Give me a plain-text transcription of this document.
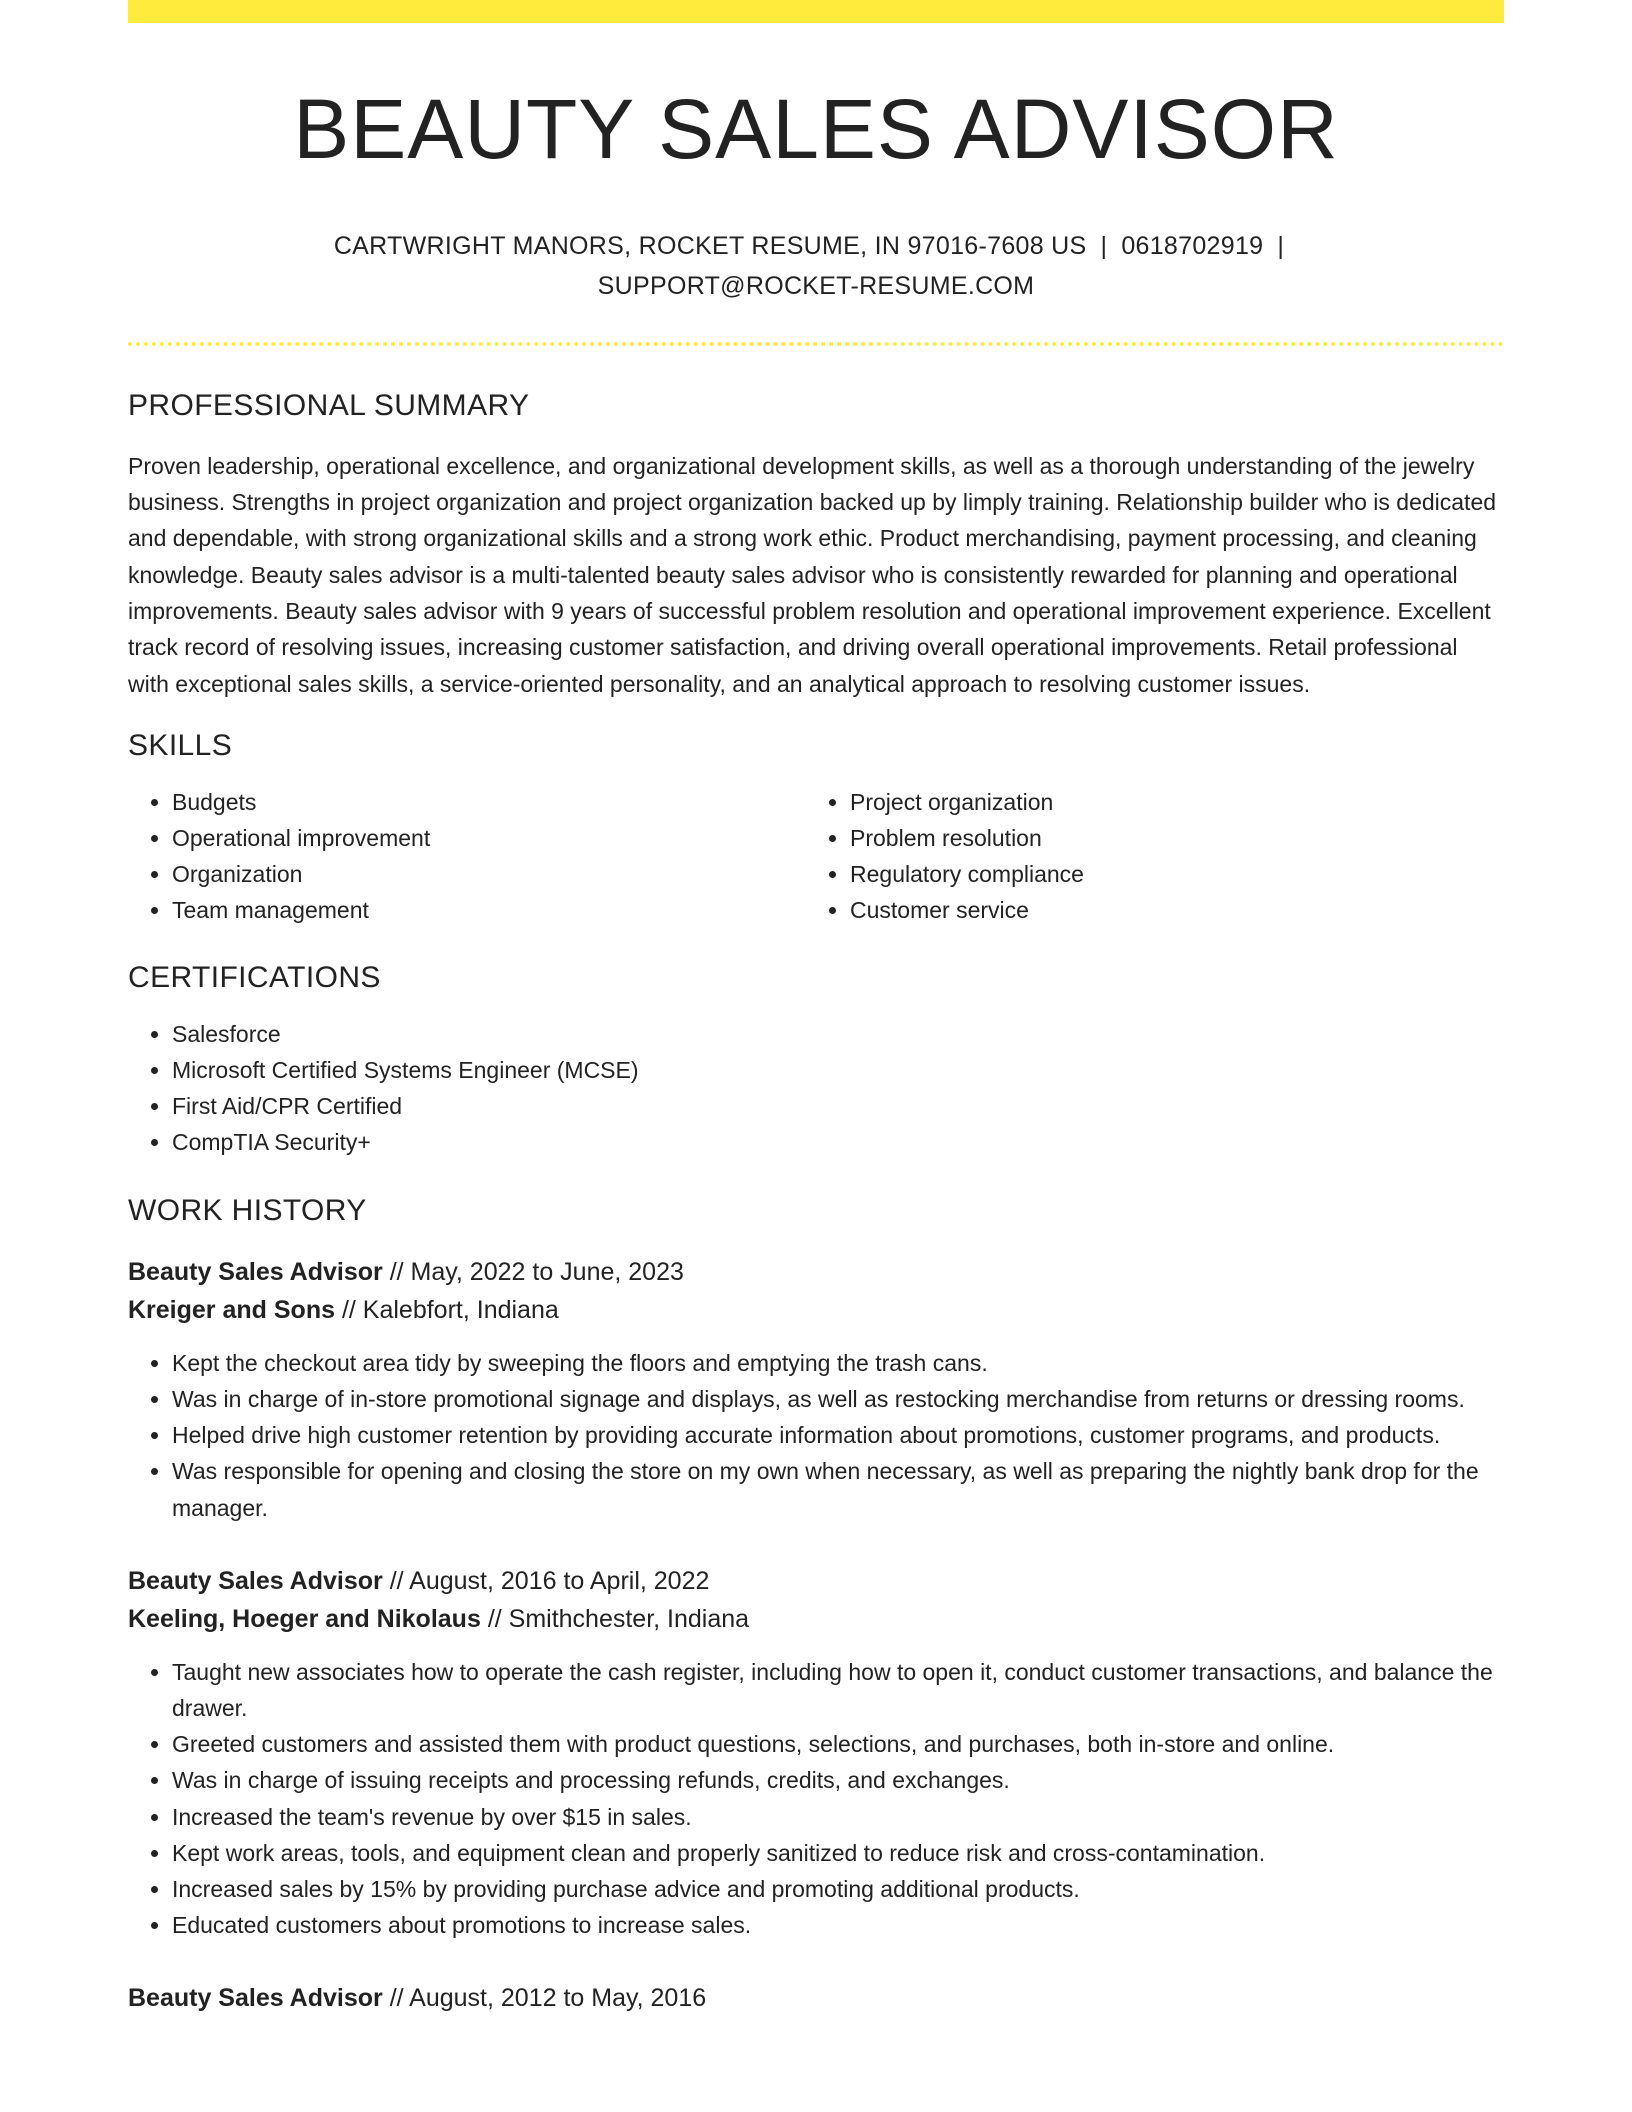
BEAUTY SALES ADVISOR
CARTWRIGHT MANORS, ROCKET RESUME, IN 97016-7608 US | 0618702919 |
SUPPORT@ROCKET-RESUME.COM
PROFESSIONAL SUMMARY

Proven leadership, operational excellence, and organizational development skills, as well as a thorough understanding of the jewelry business. Strengths in project organization and project organization backed up by limply training. Relationship builder who is dedicated and dependable, with strong organizational skills and a strong work ethic. Product merchandising, payment processing, and cleaning knowledge. Beauty sales advisor is a multi-talented beauty sales advisor who is consistently rewarded for planning and operational improvements. Beauty sales advisor with 9 years of successful problem resolution and operational improvement experience. Excellent track record of resolving issues, increasing customer satisfaction, and driving overall operational improvements. Retail professional with exceptional sales skills, a service-oriented personality, and an analytical approach to resolving customer issues.

SKILLS
• Budgets
• Operational improvement
• Organization
• Team management
• Project organization
• Problem resolution
• Regulatory compliance
• Customer service
CERTIFICATIONS
• Salesforce
• Microsoft Certified Systems Engineer (MCSE)
• First Aid/CPR Certified
• CompTIA Security+
WORK HISTORY
Beauty Sales Advisor // May, 2022 to June, 2023
Kreiger and Sons // Kalebfort, Indiana
• Kept the checkout area tidy by sweeping the floors and emptying the trash cans.
• Was in charge of in-store promotional signage and displays, as well as restocking merchandise from returns or dressing rooms.
• Helped drive high customer retention by providing accurate information about promotions, customer programs, and products.
• Was responsible for opening and closing the store on my own when necessary, as well as preparing the nightly bank drop for the manager.
Beauty Sales Advisor // August, 2016 to April, 2022
Keeling, Hoeger and Nikolaus // Smithchester, Indiana
• Taught new associates how to operate the cash register, including how to open it, conduct customer transactions, and balance the drawer.
• Greeted customers and assisted them with product questions, selections, and purchases, both in-store and online.
• Was in charge of issuing receipts and processing refunds, credits, and exchanges.
• Increased the team's revenue by over $15 in sales.
• Kept work areas, tools, and equipment clean and properly sanitized to reduce risk and cross-contamination.
• Increased sales by 15% by providing purchase advice and promoting additional products.
• Educated customers about promotions to increase sales.
Beauty Sales Advisor // August, 2012 to May, 2016
